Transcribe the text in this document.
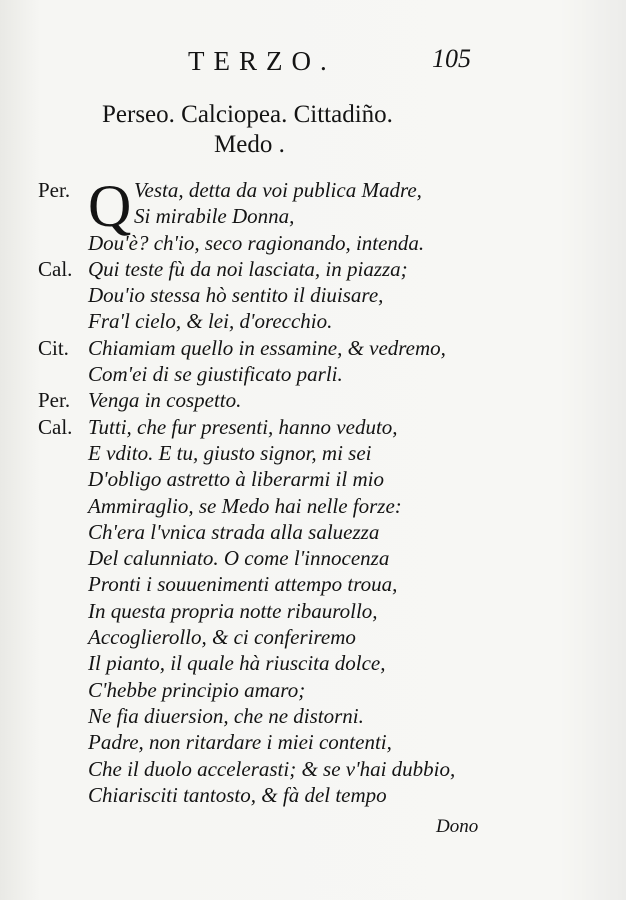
TERZO.	105
Perseo. Calciopea. Cittadiño.
Medo .
Q
Per.	Vesta, detta da voi publica Madre,
Si mirabile Donna,
Dou'è? ch'io, seco ragionando, intenda.
Cal. Qui teste fù da noi lasciata, in piazza;
Dou'io stessa hò sentito il diuisare,
Fra'l cielo, & lei, d'orecchio.
Cit. Chiamiam quello in essamine, & vedremo,
Com'ei di se giustificato parli.
Per. Venga in cospetto.
Cal. Tutti, che fur presenti, hanno veduto,
E vdito. E tu, giusto signor, mi sei
D'obligo astretto à liberarmi il mio
Ammiraglio, se Medo hai nelle forze:
Ch'era l'vnica strada alla saluezza
Del calunniato. O come l'innocenza
Pronti i souuenimenti attempo troua,
In questa propria notte ribaurollo,
Accoglierollo, & ci conferiremo
Il pianto, il quale hà riuscita dolce,
C'hebbe principio amaro;
Ne fia diuersion, che ne distorni.
Padre, non ritardare i miei contenti,
Che il duolo accelerasti; & se v'hai dubbio,
Chiarisciti tantosto, & fà del tempo
Dono
